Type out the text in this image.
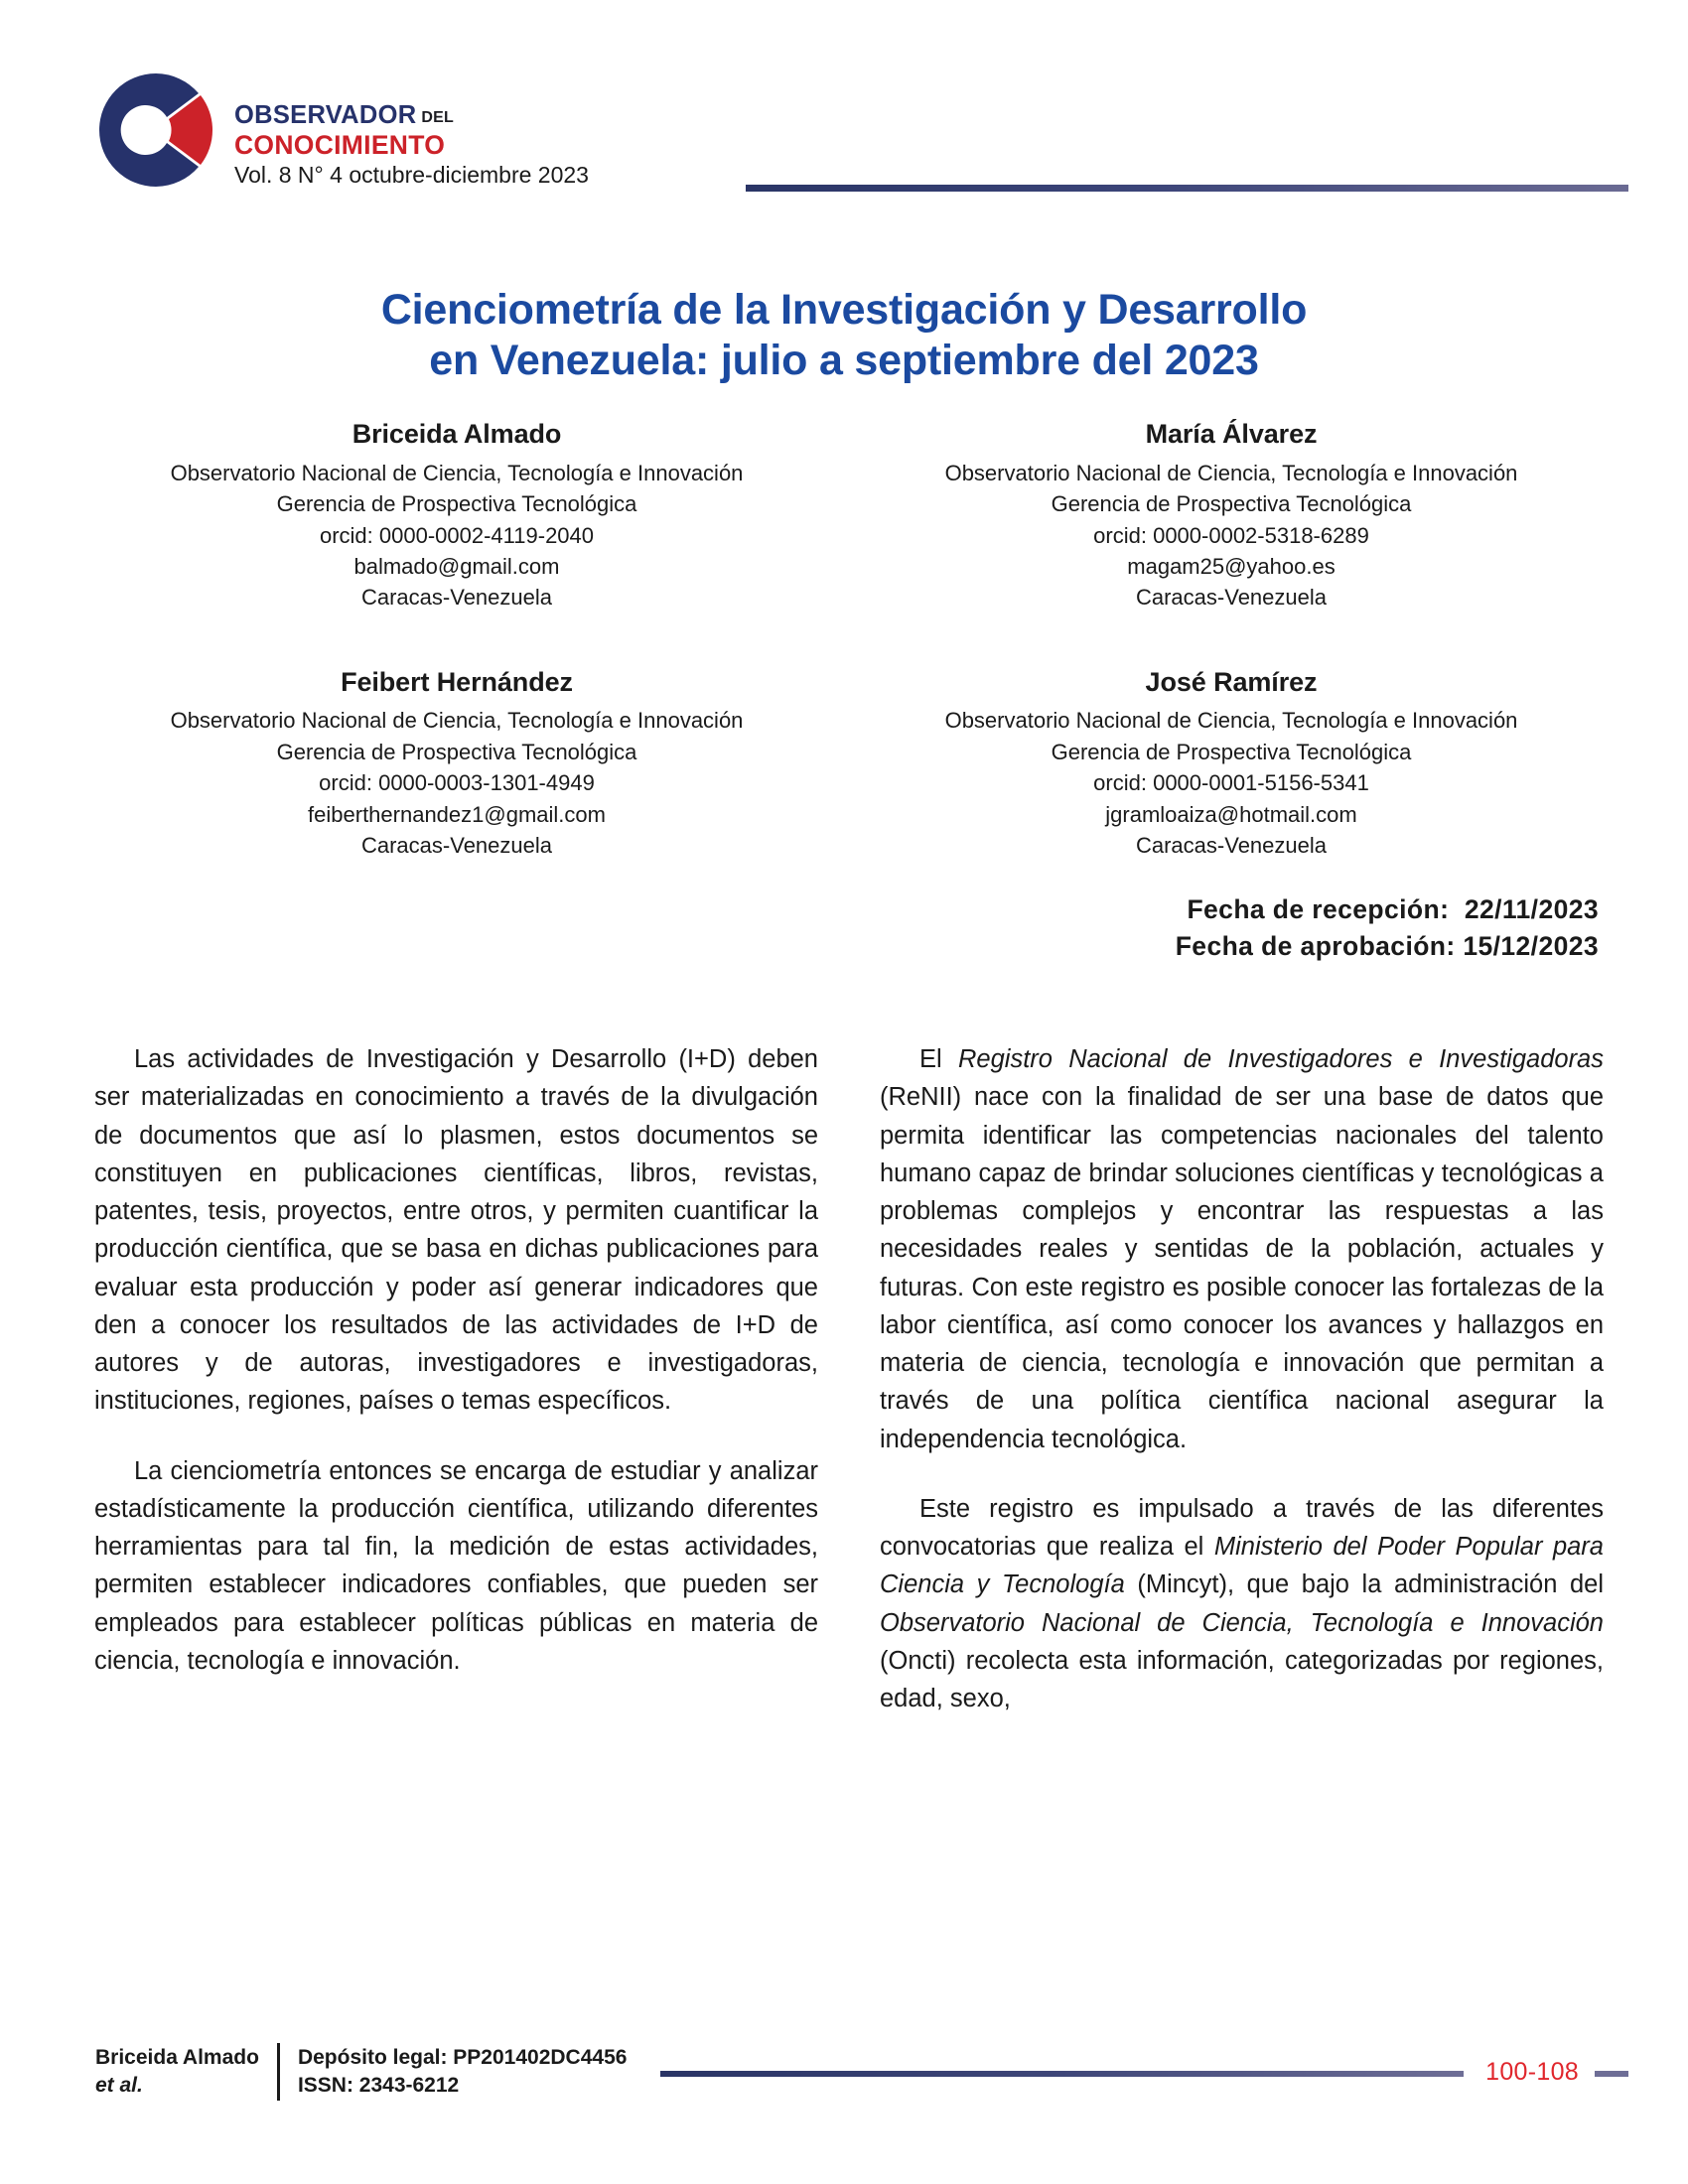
OBSERVADOR DEL
CONOCIMIENTO
Vol. 8 N° 4 octubre-diciembre 2023
Cienciometría de la Investigación y Desarrollo
en Venezuela: julio a septiembre del 2023
Briceida Almado
Observatorio Nacional de Ciencia, Tecnología e Innovación
Gerencia de Prospectiva Tecnológica
orcid: 0000-0002-4119-2040
balmado@gmail.com
Caracas-Venezuela
María Álvarez
Observatorio Nacional de Ciencia, Tecnología e Innovación
Gerencia de Prospectiva Tecnológica
orcid: 0000-0002-5318-6289
magam25@yahoo.es
Caracas-Venezuela
Feibert Hernández
Observatorio Nacional de Ciencia, Tecnología e Innovación
Gerencia de Prospectiva Tecnológica
orcid: 0000-0003-1301-4949
feiberthernandez1@gmail.com
Caracas-Venezuela
José Ramírez
Observatorio Nacional de Ciencia, Tecnología e Innovación
Gerencia de Prospectiva Tecnológica
orcid: 0000-0001-5156-5341
jgramloaiza@hotmail.com
Caracas-Venezuela
Fecha de recepción:  22/11/2023
Fecha de aprobación: 15/12/2023

Las actividades de Investigación y Desarrollo (I+D) deben ser materializadas en conocimiento a través de la divulgación de documentos que así lo plasmen, estos documentos se constituyen en publicaciones científicas, libros, revistas, patentes, tesis, proyectos, entre otros, y permiten cuantificar la producción científica, que se basa en dichas publicaciones para evaluar esta producción y poder así generar indicadores que den a conocer los resultados de las actividades de I+D de autores y de autoras, investigadores e investigadoras, instituciones, regiones, países o temas específicos.

La cienciometría entonces se encarga de estudiar y analizar estadísticamente la producción científica, utilizando diferentes herramientas para tal fin, la medición de estas actividades, permiten establecer indicadores confiables, que pueden ser empleados para establecer políticas públicas en materia de ciencia, tecnología e innovación.

El Registro Nacional de Investigadores e Investigadoras (ReNII) nace con la finalidad de ser una base de datos que permita identificar las competencias nacionales del talento humano capaz de brindar soluciones científicas y tecnológicas a problemas complejos y encontrar las respuestas a las necesidades reales y sentidas de la población, actuales y futuras. Con este registro es posible conocer las fortalezas de la labor científica, así como conocer los avances y hallazgos en materia de ciencia, tecnología e innovación que permitan a través de una política científica nacional asegurar la independencia tecnológica.

Este registro es impulsado a través de las diferentes convocatorias que realiza el Ministerio del Poder Popular para Ciencia y Tecnología (Mincyt), que bajo la administración del Observatorio Nacional de Ciencia, Tecnología e Innovación (Oncti) recolecta esta información, categorizadas por regiones, edad, sexo,

Briceida Almado
et al.
Depósito legal: PP201402DC4456
ISSN: 2343-6212	100-108
